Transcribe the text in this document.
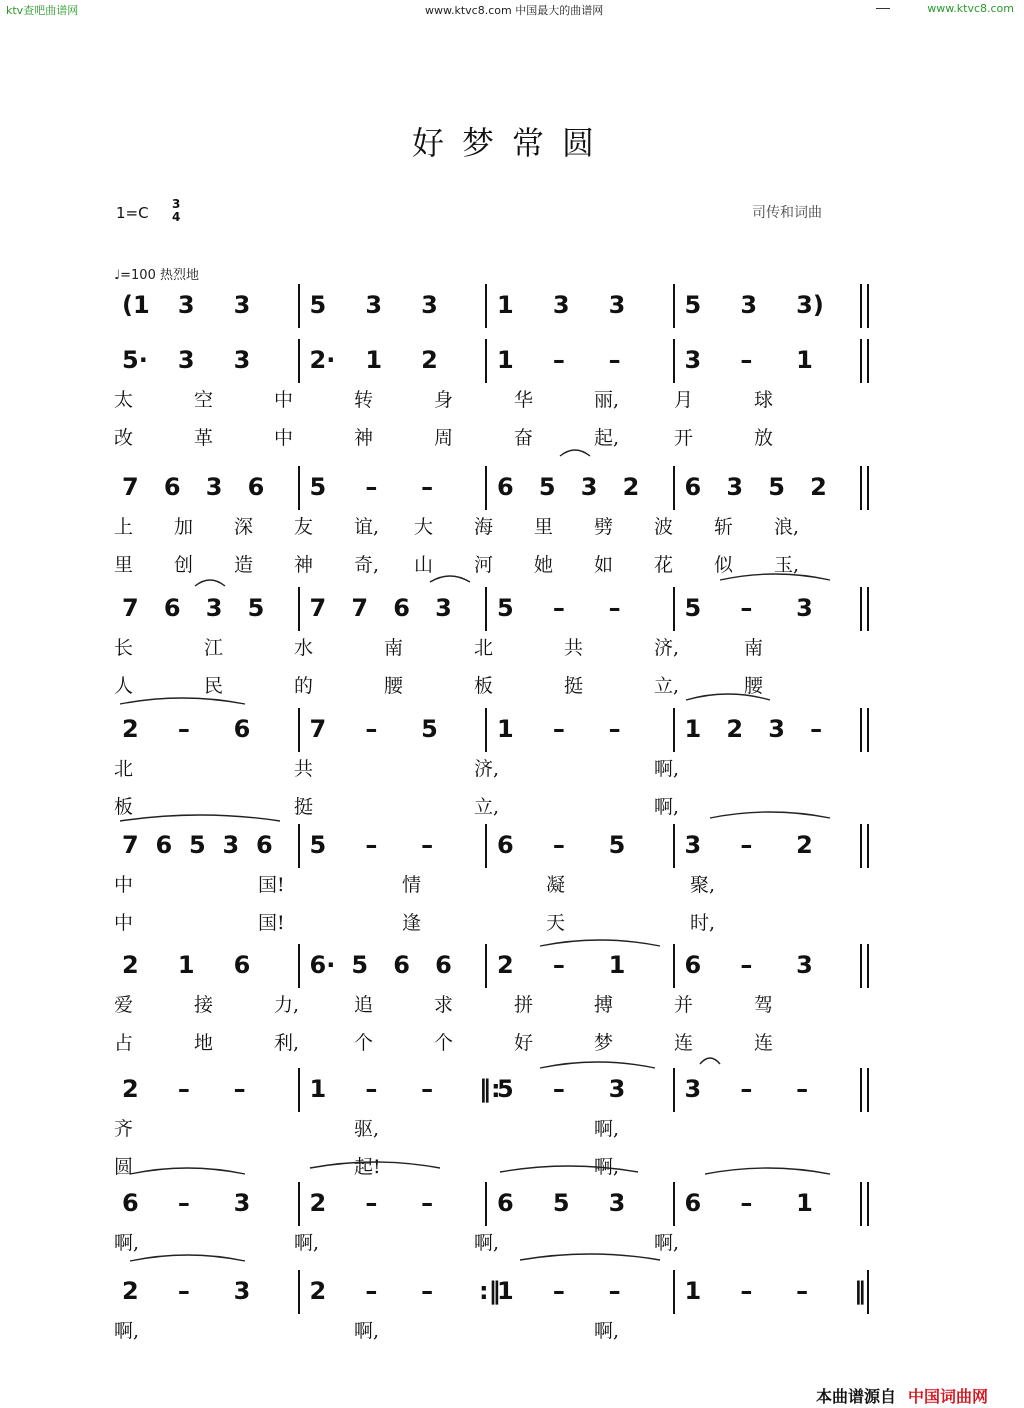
ktv查吧曲谱网	www.ktvc8.com 中国最大的曲谱网	www.ktvc8.com
好梦常圆
1=C 3
4	司传和词曲
♩=100 热烈地
(1 3 3 5 3 3 1 3 3 5 3 3)
5· 3 3 2· 1 2 1 – –	3 – 1
太	空	中	转	身	华	丽,	月	球
改	革	中	神	周	奋	起,	开	放
7 6 3 6 5 – –	6 5 3 2 6 3 5 2
上 加 深 友 谊, 大 海 里 劈 波 斩 浪,
里 创 造 神 奇, 山 河 她 如 花 似 玉,
7 6 3 5 7 7 6 3 5 – –	5 – 3
长	江	水	南	北	共	济,	南
人	民	的	腰	板	挺	立,	腰
2 – 6 7 – 5 1 – –	1 2 3 –
北	共	济,	啊,
板	挺	立,	啊,
7 6 5 3 6 5 – –	6 – 5 3 – 2
中	国!	情	凝	聚,
中	国!	逢	天	时,
2 1 6 6· 5 6 6 2 – 1 6 – 3
爱	接	力,	追	求	拼	搏	并	驾
占	地	利,	个	个	好	梦	连	连
2 – –	1 – – ‖:
5 – 3 3 – –
齐	驱,	啊,
圆	起!	啊,
6 – 3 2 – –	6 5 3 6 – 1
啊,	啊,	啊,	啊,
2 – 3 2 – – :‖
1 – –	1 – – ‖
啊,	啊,	啊,
本曲谱源自 中国词曲网
